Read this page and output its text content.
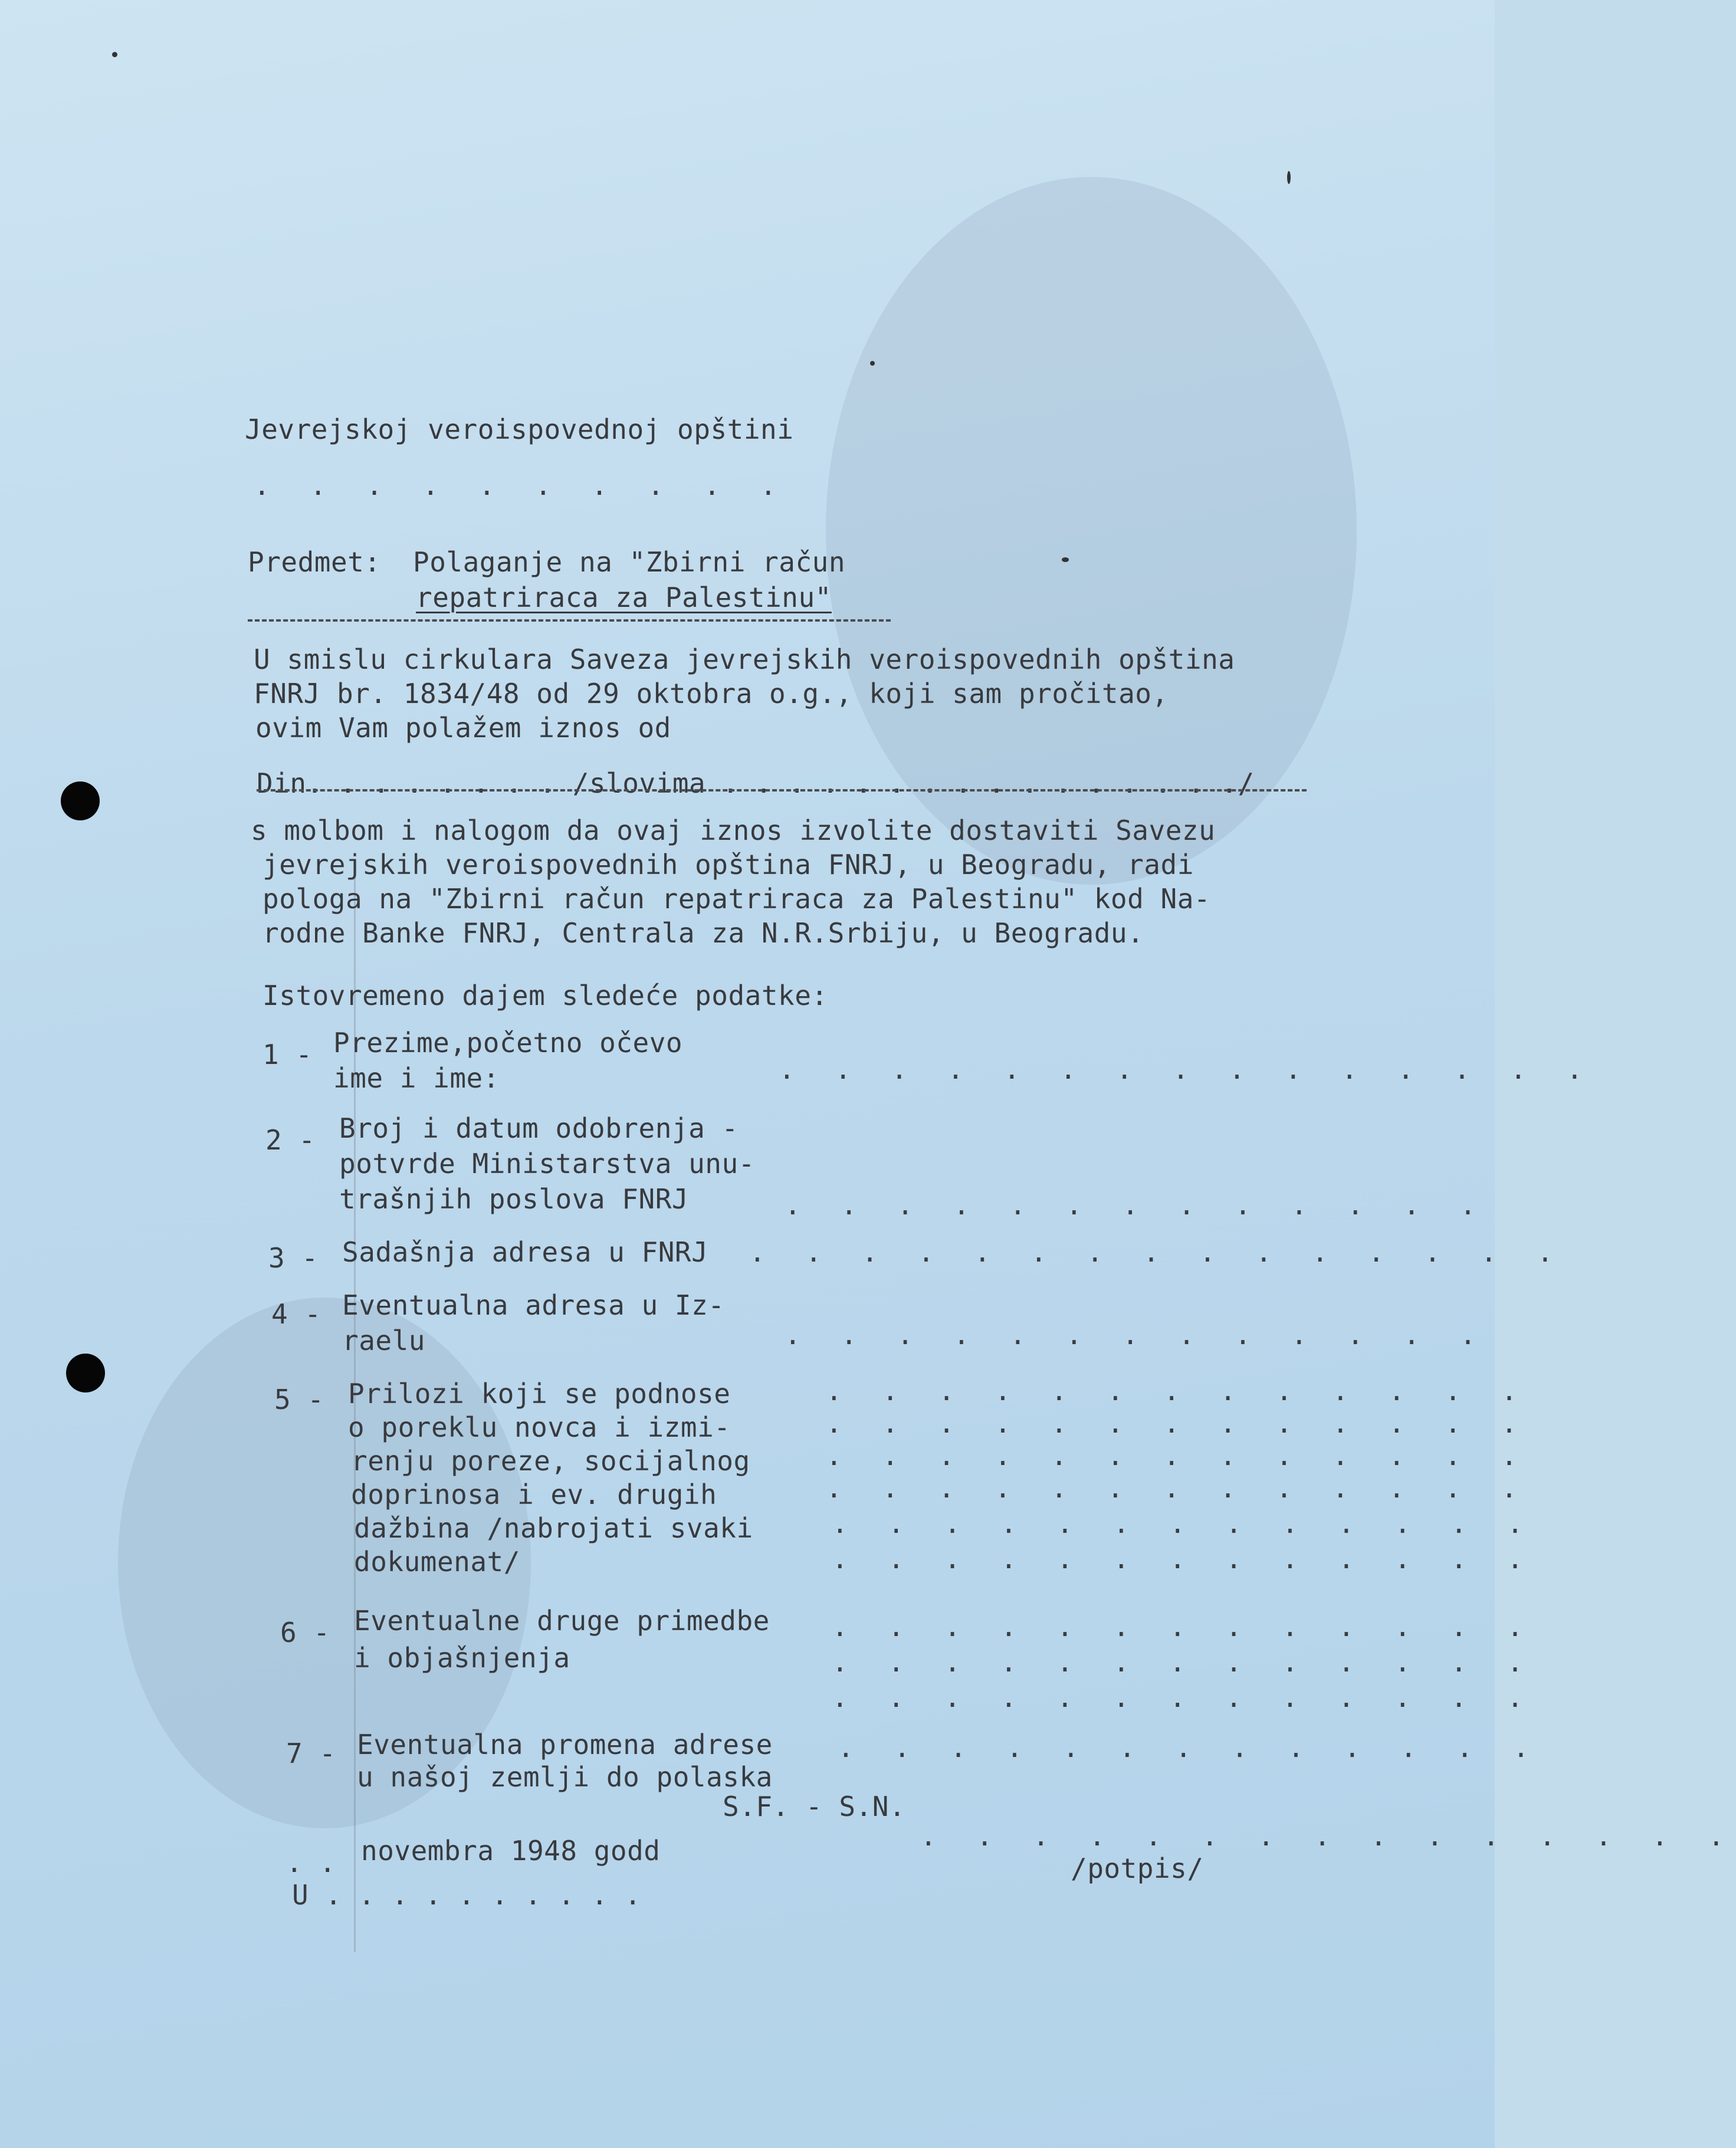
Jevrejskoj veroispovednoj opštini
. . . . . . . . . .
Predmet: Polaganje na "Zbirni račun
repatriraca za Palestinu"
U smislu cirkulara Saveza jevrejskih veroispovednih opština
FNRJ br. 1834/48 od 29 oktobra o.g., koji sam pročitao,
ovim Vam polažem iznos od
Din. . . . . . . . /slovima . . . . . . . . . . . . . . . ./
s molbom i nalogom da ovaj iznos izvolite dostaviti Savezu
jevrejskih veroispovednih opština FNRJ, u Beogradu, radi
pologa na "Zbirni račun repatriraca za Palestinu" kod Na-
rodne Banke FNRJ, Centrala za N.R.Srbiju, u Beogradu.
Istovremeno dajem sledeće podatke:
1 - Prezime,početno očevo
ime i ime:	. . . . . . . . . . . . . . .
2 - Broj i datum odobrenja -
potvrde Ministarstva unu-
trašnjih poslova FNRJ	. . . . . . . . . . . . .
3 - Sadašnja adresa u FNRJ . . . . . . . . . . . . . . .
4 - Eventualna adresa u Iz-
raelu	. . . . . . . . . . . . .
5 - Prilozi koji se podnose
o poreklu novca i izmi-
renju poreze, socijalnog
doprinosa i ev. drugih
dažbina /nabrojati svaki
dokumenat/
. . . . . . . . . . . . .
. . . . . . . . . . . . .
. . . . . . . . . . . . .
. . . . . . . . . . . . .
. . . . . . . . . . . . .
. . . . . . . . . . . . .
6 - Eventualne druge primedbe
i objašnjenja
. . . . . . . . . . . . .
. . . . . . . . . . . . .
. . . . . . . . . . . . .
7 - Eventualna promena adrese
u našoj zemlji do polaska
. . . . . . . . . . . . .
S.F. - S.N.
. . . . . . . . . . . . . . .
. . novembra 1948 godd
/potpis/
U . . . . . . . . . .
